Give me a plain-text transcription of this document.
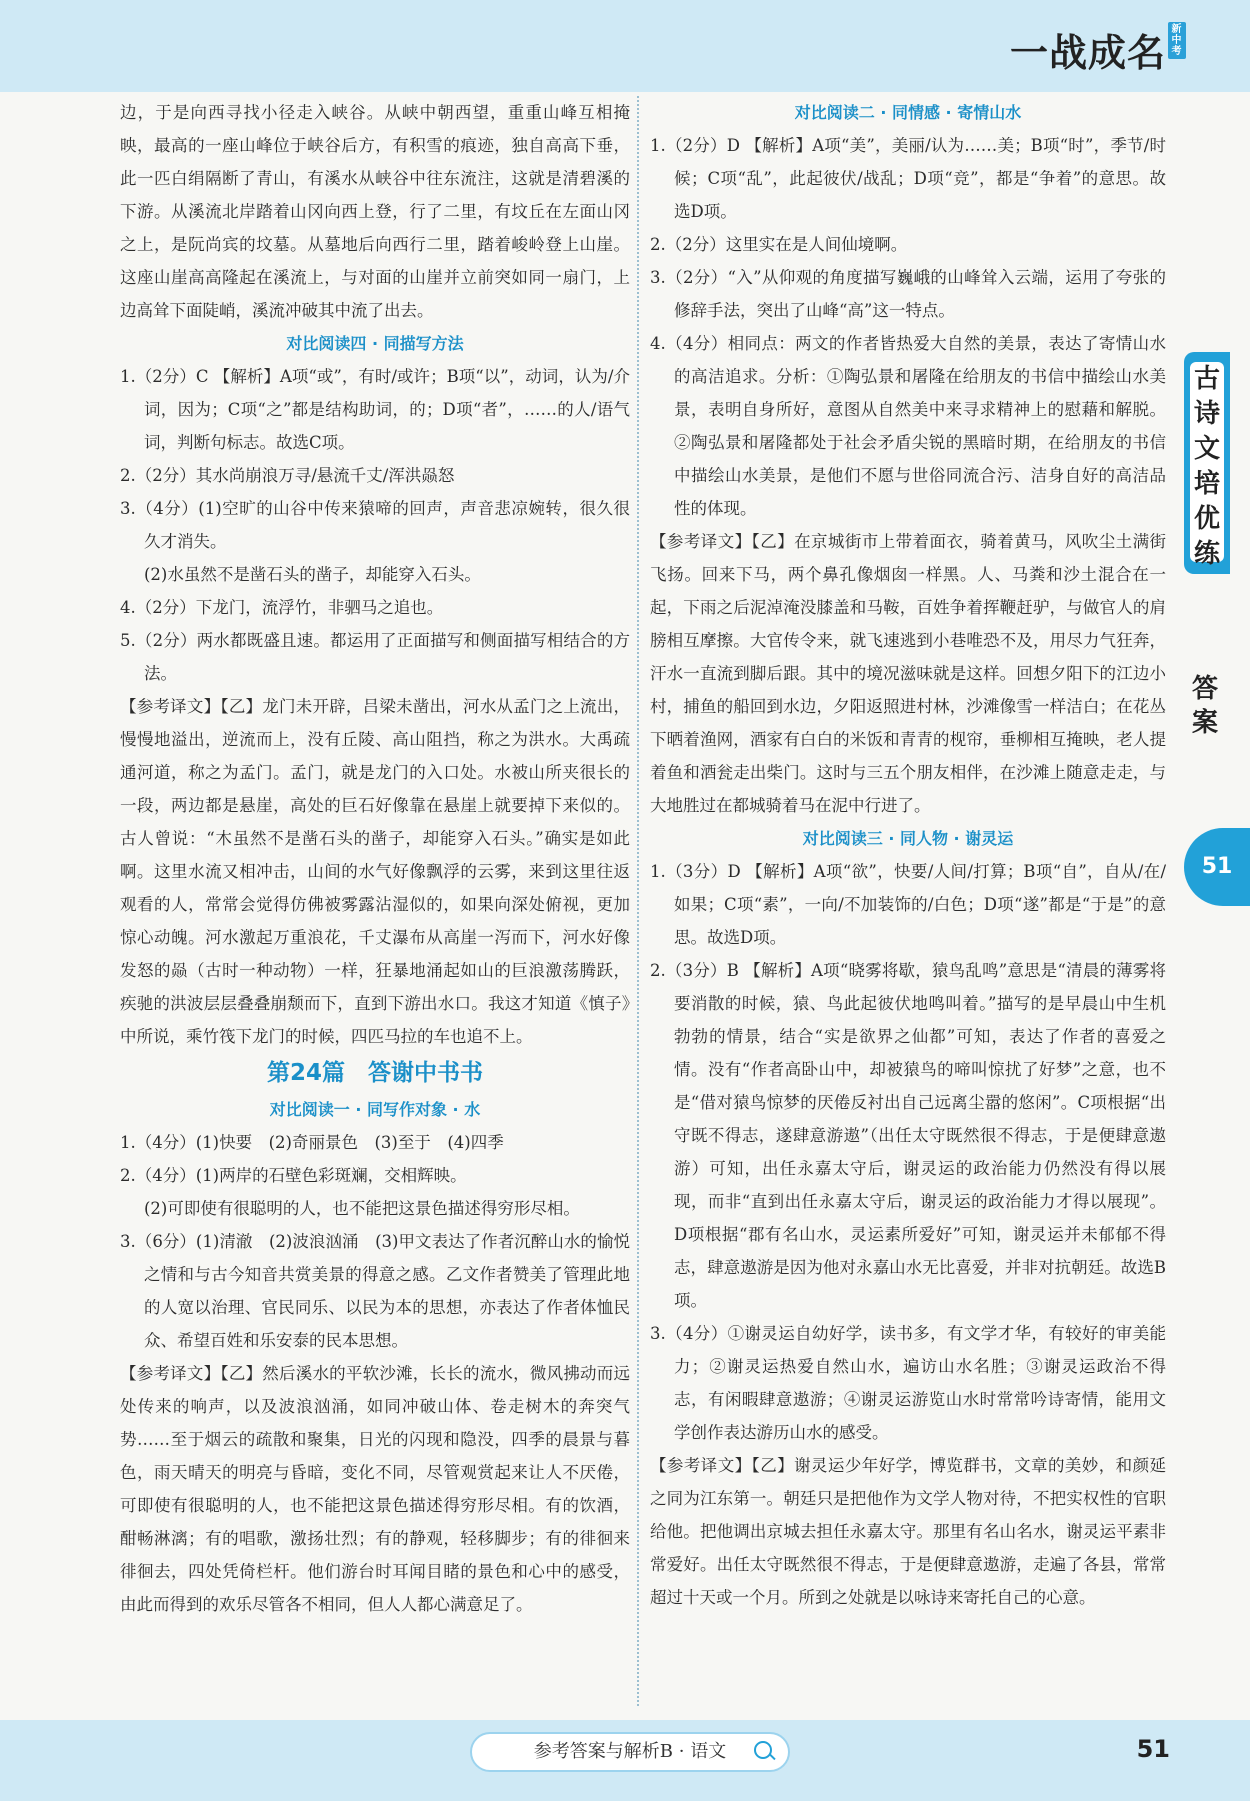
一战成名新中考

边，于是向西寻找小径走入峡谷。从峡中朝西望，重重山峰互相掩映，最高的一座山峰位于峡谷后方，有积雪的痕迹，独自高高下垂，此一匹白绢隔断了青山，有溪水从峡谷中往东流注，这就是清碧溪的下游。从溪流北岸踏着山冈向西上登，行了二里，有坟丘在左面山冈之上，是阮尚宾的坟墓。从墓地后向西行二里，踏着峻岭登上山崖。这座山崖高高隆起在溪流上，与对面的山崖并立前突如同一扇门，上边高耸下面陡峭，溪流冲破其中流了出去。

对比阅读四 · 同描写方法

1.（2分）C 【解析】A项“或”，有时/或许；B项“以”，动词，认为/介词，因为；C项“之”都是结构助词，的；D项“者”，……的人/语气词，判断句标志。故选C项。

2.（2分）其水尚崩浪万寻/悬流千丈/浑洪赑怒

3.（4分）(1)空旷的山谷中传来猿啼的回声，声音悲凉婉转，很久很久才消失。

(2)水虽然不是凿石头的凿子，却能穿入石头。

4.（2分）下龙门，流浮竹，非驷马之追也。

5.（2分）两水都既盛且速。都运用了正面描写和侧面描写相结合的方法。

【参考译文】【乙】龙门未开辟，吕梁未凿出，河水从孟门之上流出，慢慢地溢出，逆流而上，没有丘陵、高山阻挡，称之为洪水。大禹疏通河道，称之为孟门。孟门，就是龙门的入口处。水被山所夹很长的一段，两边都是悬崖，高处的巨石好像靠在悬崖上就要掉下来似的。古人曾说：“木虽然不是凿石头的凿子，却能穿入石头。”确实是如此啊。这里水流又相冲击，山间的水气好像飘浮的云雾，来到这里往返观看的人，常常会觉得仿佛被雾露沾湿似的，如果向深处俯视，更加惊心动魄。河水激起万重浪花，千丈瀑布从高崖一泻而下，河水好像发怒的赑（古时一种动物）一样，狂暴地涌起如山的巨浪激荡腾跃，疾驰的洪波层层叠叠崩颓而下，直到下游出水口。我这才知道《慎子》中所说，乘竹筏下龙门的时候，四匹马拉的车也追不上。

第24篇　答谢中书书

对比阅读一 · 同写作对象 · 水

1.（4分）(1)快要　(2)奇丽景色　(3)至于　(4)四季

2.（4分）(1)两岸的石壁色彩斑斓，交相辉映。

(2)可即使有很聪明的人，也不能把这景色描述得穷形尽相。

3.（6分）(1)清澈　(2)波浪汹涌　(3)甲文表达了作者沉醉山水的愉悦之情和与古今知音共赏美景的得意之感。乙文作者赞美了管理此地的人宽以治理、官民同乐、以民为本的思想，亦表达了作者体恤民众、希望百姓和乐安泰的民本思想。

【参考译文】【乙】然后溪水的平软沙滩，长长的流水，微风拂动而远处传来的响声，以及波浪汹涌，如同冲破山体、卷走树木的奔突气势……至于烟云的疏散和聚集，日光的闪现和隐没，四季的晨景与暮色，雨天晴天的明亮与昏暗，变化不同，尽管观赏起来让人不厌倦，可即使有很聪明的人，也不能把这景色描述得穷形尽相。有的饮酒，酣畅淋漓；有的唱歌，激扬壮烈；有的静观，轻移脚步；有的徘徊来徘徊去，四处凭倚栏杆。他们游台时耳闻目睹的景色和心中的感受，由此而得到的欢乐尽管各不相同，但人人都心满意足了。

对比阅读二 · 同情感 · 寄情山水

1.（2分）D 【解析】A项“美”，美丽/认为……美；B项“时”，季节/时候；C项“乱”，此起彼伏/战乱；D项“竞”，都是“争着”的意思。故选D项。

2.（2分）这里实在是人间仙境啊。

3.（2分）“入”从仰观的角度描写巍峨的山峰耸入云端，运用了夸张的修辞手法，突出了山峰“高”这一特点。

4.（4分）相同点：两文的作者皆热爱大自然的美景，表达了寄情山水的高洁追求。分析：①陶弘景和屠隆在给朋友的书信中描绘山水美景，表明自身所好，意图从自然美中来寻求精神上的慰藉和解脱。②陶弘景和屠隆都处于社会矛盾尖锐的黑暗时期，在给朋友的书信中描绘山水美景，是他们不愿与世俗同流合污、洁身自好的高洁品性的体现。

【参考译文】【乙】在京城街市上带着面衣，骑着黄马，风吹尘土满街飞扬。回来下马，两个鼻孔像烟囱一样黑。人、马粪和沙土混合在一起，下雨之后泥淖淹没膝盖和马鞍，百姓争着挥鞭赶驴，与做官人的肩膀相互摩擦。大官传令来，就飞速逃到小巷唯恐不及，用尽力气狂奔，汗水一直流到脚后跟。其中的境况滋味就是这样。回想夕阳下的江边小村，捕鱼的船回到水边，夕阳返照进村林，沙滩像雪一样洁白；在花丛下晒着渔网，酒家有白白的米饭和青青的枧帘，垂柳相互掩映，老人提着鱼和酒瓮走出柴门。这时与三五个朋友相伴，在沙滩上随意走走，与大地胜过在都城骑着马在泥中行进了。

对比阅读三 · 同人物 · 谢灵运

1.（3分）D 【解析】A项“欲”，快要/人间/打算；B项“自”，自从/在/如果；C项“素”，一向/不加装饰的/白色；D项“遂”都是“于是”的意思。故选D项。

2.（3分）B 【解析】A项“晓雾将歇，猿鸟乱鸣”意思是“清晨的薄雾将要消散的时候，猿、鸟此起彼伏地鸣叫着。”描写的是早晨山中生机勃勃的情景，结合“实是欲界之仙都”可知，表达了作者的喜爱之情。没有“作者高卧山中，却被猿鸟的啼叫惊扰了好梦”之意，也不是“借对猿鸟惊梦的厌倦反衬出自己远离尘嚣的悠闲”。C项根据“出守既不得志，遂肆意游遨”（出任太守既然很不得志，于是便肆意遨游）可知，出任永嘉太守后，谢灵运的政治能力仍然没有得以展现，而非“直到出任永嘉太守后，谢灵运的政治能力才得以展现”。D项根据“郡有名山水，灵运素所爱好”可知，谢灵运并未郁郁不得志，肆意遨游是因为他对永嘉山水无比喜爱，并非对抗朝廷。故选B项。

3.（4分）①谢灵运自幼好学，读书多，有文学才华，有较好的审美能力；②谢灵运热爱自然山水，遍访山水名胜；③谢灵运政治不得志，有闲暇肆意遨游；④谢灵运游览山水时常常吟诗寄情，能用文学创作表达游历山水的感受。

【参考译文】【乙】谢灵运少年好学，博览群书，文章的美妙，和颜延之同为江东第一。朝廷只是把他作为文学人物对待，不把实权性的官职给他。把他调出京城去担任永嘉太守。那里有名山名水，谢灵运平素非常爱好。出任太守既然很不得志，于是便肆意遨游，走遍了各县，常常超过十天或一个月。所到之处就是以咏诗来寄托自己的心意。

古诗文培优练
答案
51
参考答案与解析B · 语文	51
